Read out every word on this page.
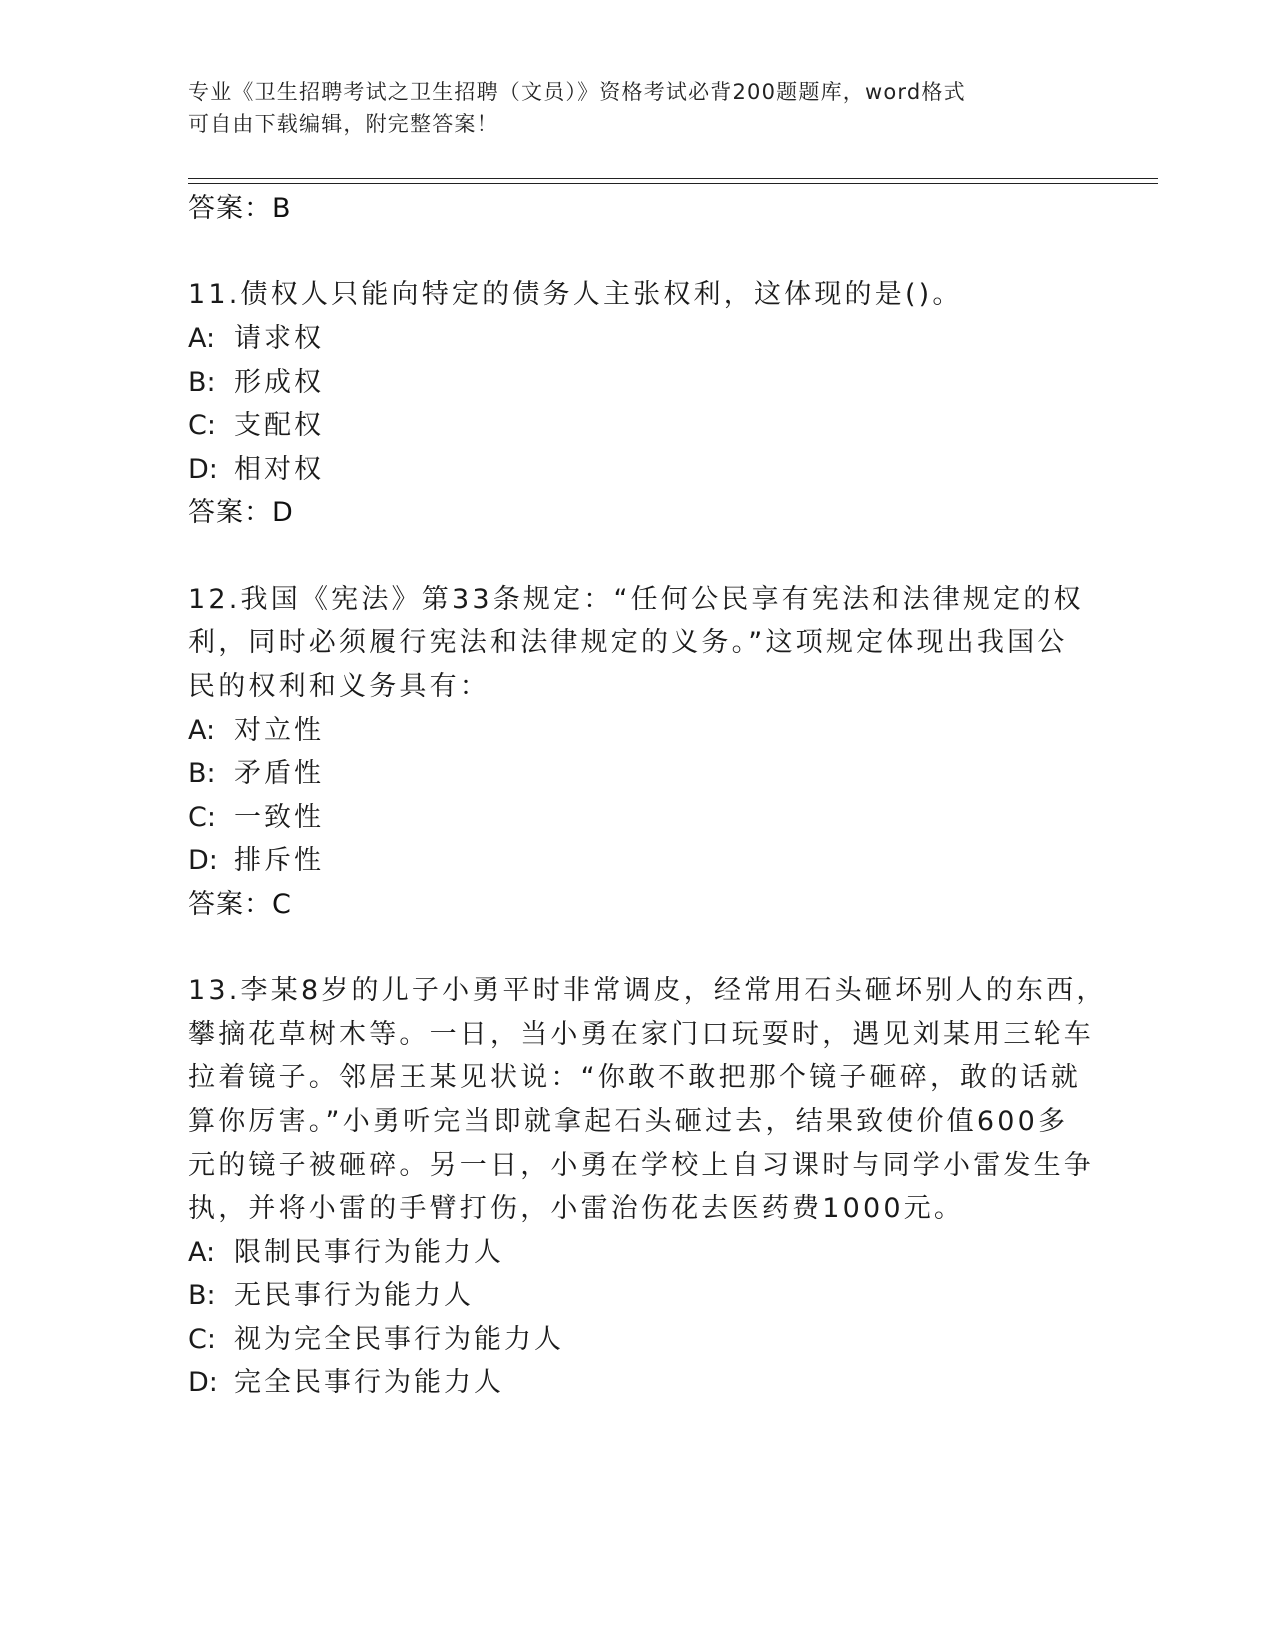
专业《卫生招聘考试之卫生招聘（文员）》资格考试必背200题题库，word格式
可自由下载编辑，附完整答案！
答案：B
11.债权人只能向特定的债务人主张权利，这体现的是()。
A: 请求权
B: 形成权
C: 支配权
D: 相对权
答案：D
12.我国《宪法》第33条规定：“任何公民享有宪法和法律规定的权
利，同时必须履行宪法和法律规定的义务。”这项规定体现出我国公
民的权利和义务具有：
A: 对立性
B: 矛盾性
C: 一致性
D: 排斥性
答案：C
13.李某8岁的儿子小勇平时非常调皮，经常用石头砸坏别人的东西，
攀摘花草树木等。一日，当小勇在家门口玩耍时，遇见刘某用三轮车
拉着镜子。邻居王某见状说：“你敢不敢把那个镜子砸碎，敢的话就
算你厉害。”小勇听完当即就拿起石头砸过去，结果致使价值600多
元的镜子被砸碎。另一日，小勇在学校上自习课时与同学小雷发生争
执，并将小雷的手臂打伤，小雷治伤花去医药费1000元。
A: 限制民事行为能力人
B: 无民事行为能力人
C: 视为完全民事行为能力人
D: 完全民事行为能力人
